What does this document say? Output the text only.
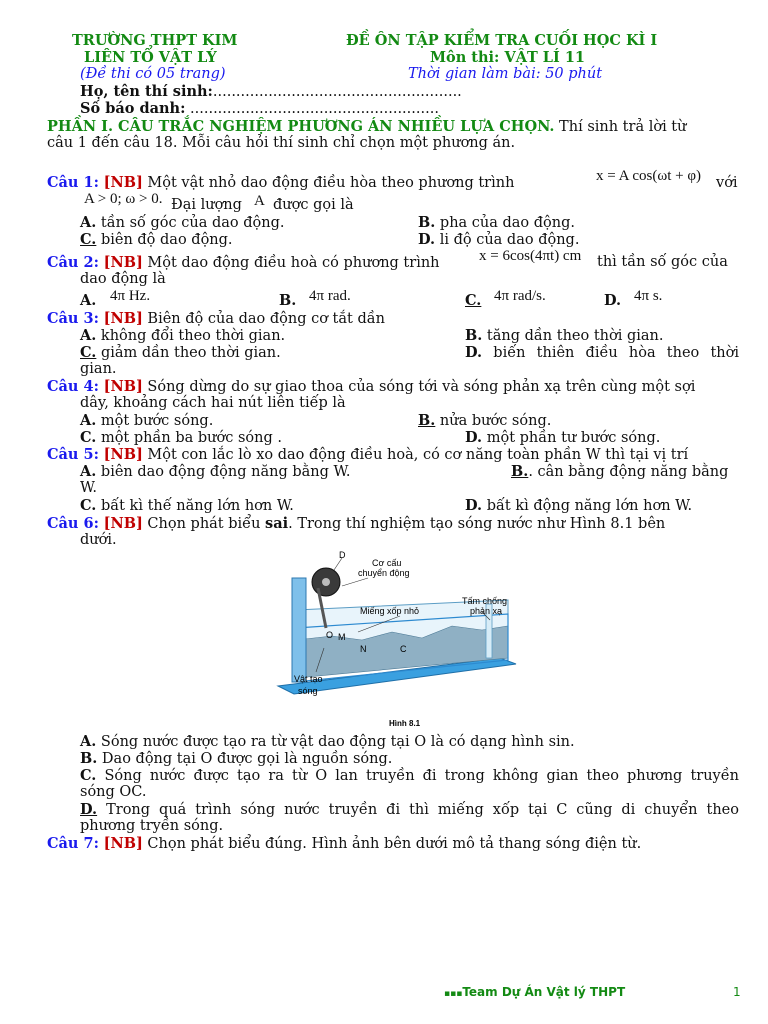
TRƯỜNG THPT KIM
LIÊN TỔ VẬT LÝ
(Đề thi có 05 trang)
ĐỀ ÔN TẬP KIỂM TRA CUỐI HỌC KÌ I
Môn thi: VẬT LÍ 11
Thời gian làm bài: 50 phút
Họ, tên thí sinh:......................................................
Số báo danh: ......................................................
PHẦN I. CÂU TRẮC NGHIỆM PHƯƠNG ÁN NHIỀU LỰA CHỌN. Thí sinh trả lời từ
câu 1 đến câu 18. Mỗi câu hỏi thí sinh chỉ chọn một phương án.
Câu 1: [NB] Một vật nhỏ dao động điều hòa theo phương trình	x = A cos(ωt + φ) với
A > 0; ω > 0. Đại lượng A được gọi là
A. tần số góc của dao động.	B. pha của dao động.
C. biên độ dao động.	D. li độ của dao động.
Câu 2: [NB] Một dao động điều hoà có phương trình	x = 6cos(4πt) cm thì tần số góc của
dao động là
A. 4π Hz.	B. 4π rad.	C. 4π rad/s.	D. 4π s.
Câu 3: [NB] Biên độ của dao động cơ tắt dần
A. không đổi theo thời gian.	B. tăng dần theo thời gian.
C. giảm dần theo thời gian.	D. biến thiên điều hòa theo thời
gian.
Câu 4: [NB] Sóng dừng do sự giao thoa của sóng tới và sóng phản xạ trên cùng một sợi
dây, khoảng cách hai nút liên tiếp là
A. một bước sóng.	B. nửa bước sóng.
C. một phần ba bước sóng .	D. một phần tư bước sóng.
Câu 5: [NB] Một con lắc lò xo dao động điều hoà, có cơ năng toàn phần W thì tại vị trí
A. biên dao động động năng bằng W.	B.. cân bằng động năng bằng
W.
C. bất kì thế năng lớn hơn W.	D. bất kì động năng lớn hơn W.
Câu 6: [NB] Chọn phát biểu sai. Trong thí nghiệm tạo sóng nước như Hình 8.1 bên
dưới.
D
Cơ cấu
chuyển động
Miếng xốp nhỏ
Tấm chống
phản xạ
O M
N	C
Vật tạo
sóng
Hình 8.1
A. Sóng nước được tạo ra từ vật dao động tại O là có dạng hình sin.
B. Dao động tại O được gọi là nguồn sóng.
C. Sóng nước được tạo ra từ O lan truyền đi trong không gian theo phương truyền
sóng OC.
D. Trong quá trình sóng nước truyền đi thì miếng xốp tại C cũng di chuyển theo
phương tryền sóng.
Câu 7: [NB] Chọn phát biểu đúng. Hình ảnh bên dưới mô tả thang sóng điện từ.
▪▪▪Team Dự Án Vật lý THPT	1
